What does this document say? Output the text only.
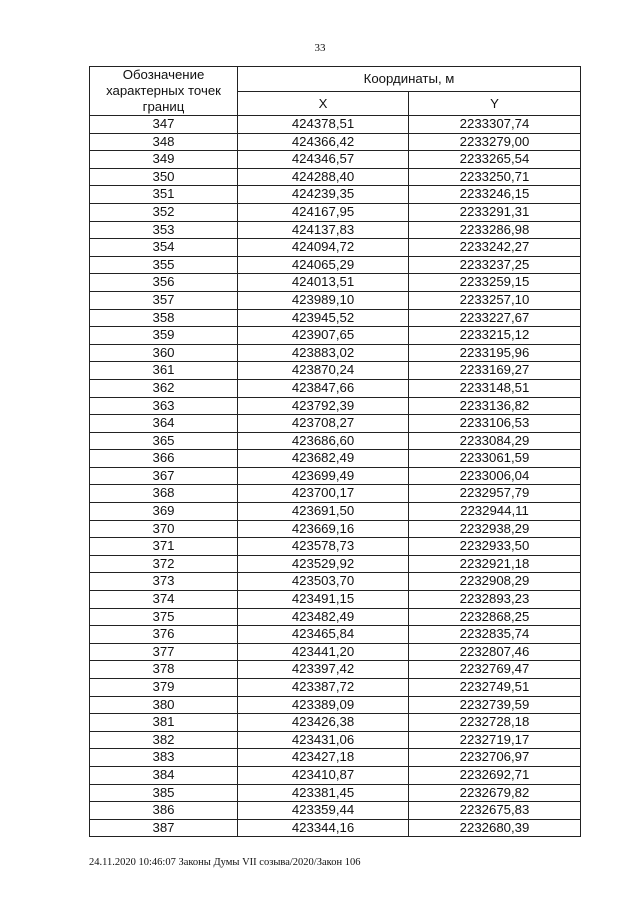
33
Обозначение характерных точек границ	Координаты, м	
	X	Y
347	424378,51	2233307,74
348	424366,42	2233279,00
349	424346,57	2233265,54
350	424288,40	2233250,71
351	424239,35	2233246,15
352	424167,95	2233291,31
353	424137,83	2233286,98
354	424094,72	2233242,27
355	424065,29	2233237,25
356	424013,51	2233259,15
357	423989,10	2233257,10
358	423945,52	2233227,67
359	423907,65	2233215,12
360	423883,02	2233195,96
361	423870,24	2233169,27
362	423847,66	2233148,51
363	423792,39	2233136,82
364	423708,27	2233106,53
365	423686,60	2233084,29
366	423682,49	2233061,59
367	423699,49	2233006,04
368	423700,17	2232957,79
369	423691,50	2232944,11
370	423669,16	2232938,29
371	423578,73	2232933,50
372	423529,92	2232921,18
373	423503,70	2232908,29
374	423491,15	2232893,23
375	423482,49	2232868,25
376	423465,84	2232835,74
377	423441,20	2232807,46
378	423397,42	2232769,47
379	423387,72	2232749,51
380	423389,09	2232739,59
381	423426,38	2232728,18
382	423431,06	2232719,17
383	423427,18	2232706,97
384	423410,87	2232692,71
385	423381,45	2232679,82
386	423359,44	2232675,83
387	423344,16	2232680,39
24.11.2020 10:46:07 Законы Думы VII созыва/2020/Закон 106
